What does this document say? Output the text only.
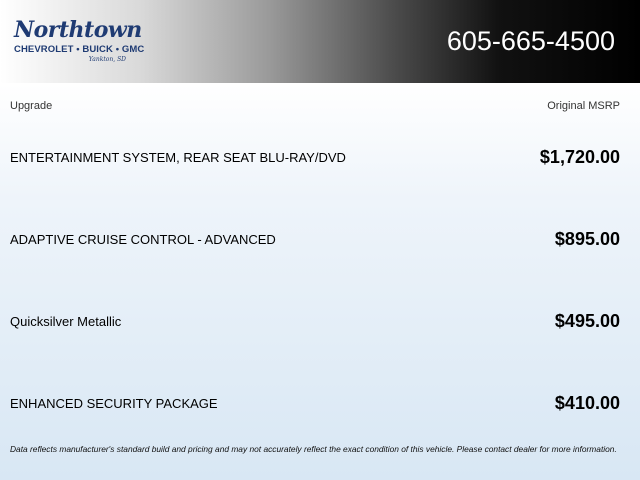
Northtown
CHEVROLET • BUICK • GMC
Yankton, SD
605-665-4500
Upgrade	Original MSRP
ENTERTAINMENT SYSTEM, REAR SEAT BLU-RAY/DVD	$1,720.00
ADAPTIVE CRUISE CONTROL - ADVANCED	$895.00
Quicksilver Metallic	$495.00
ENHANCED SECURITY PACKAGE	$410.00
Data reflects manufacturer's standard build and pricing and may not accurately reflect the exact condition of this vehicle. Please contact dealer for more information.
